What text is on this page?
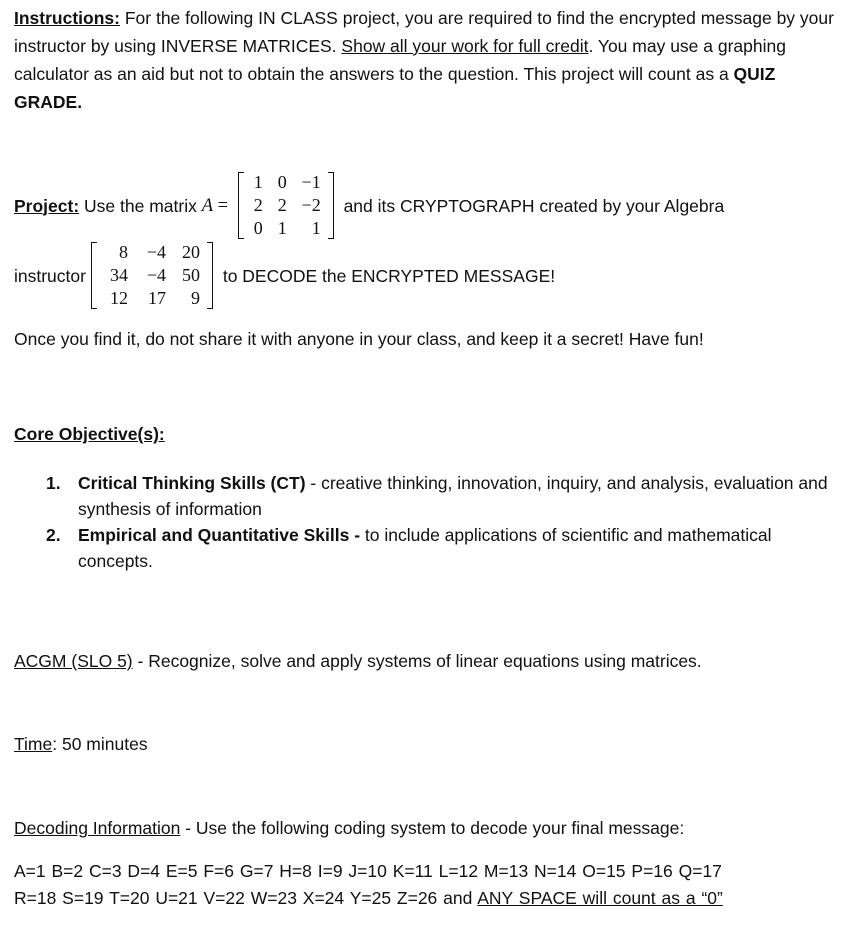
Instructions: For the following IN CLASS project, you are required to find the encrypted message by your instructor by using INVERSE MATRICES. Show all your work for full credit. You may use a graphing calculator as an aid but not to obtain the answers to the question. This project will count as a QUIZ GRADE.
Project: Use the matrix A =
1 0 −1
2 2 −2
0 1	1
and its CRYPTOGRAPH created by your Algebra
instructor
8	−4 20
34	−4 50
12	17	9
to DECODE the ENCRYPTED MESSAGE!
Once you find it, do not share it with anyone in your class, and keep it a secret! Have fun!
Core Objective(s):
1. Critical Thinking Skills (CT) - creative thinking, innovation, inquiry, and analysis, evaluation and synthesis of information
2. Empirical and Quantitative Skills - to include applications of scientific and mathematical concepts.
ACGM (SLO 5) - Recognize, solve and apply systems of linear equations using matrices.
Time: 50 minutes
Decoding Information - Use the following coding system to decode your final message:
A=1 B=2 C=3 D=4 E=5 F=6 G=7 H=8 I=9 J=10 K=11 L=12 M=13 N=14 O=15 P=16 Q=17
R=18 S=19 T=20 U=21 V=22 W=23 X=24 Y=25 Z=26 and ANY SPACE will count as a “0”
